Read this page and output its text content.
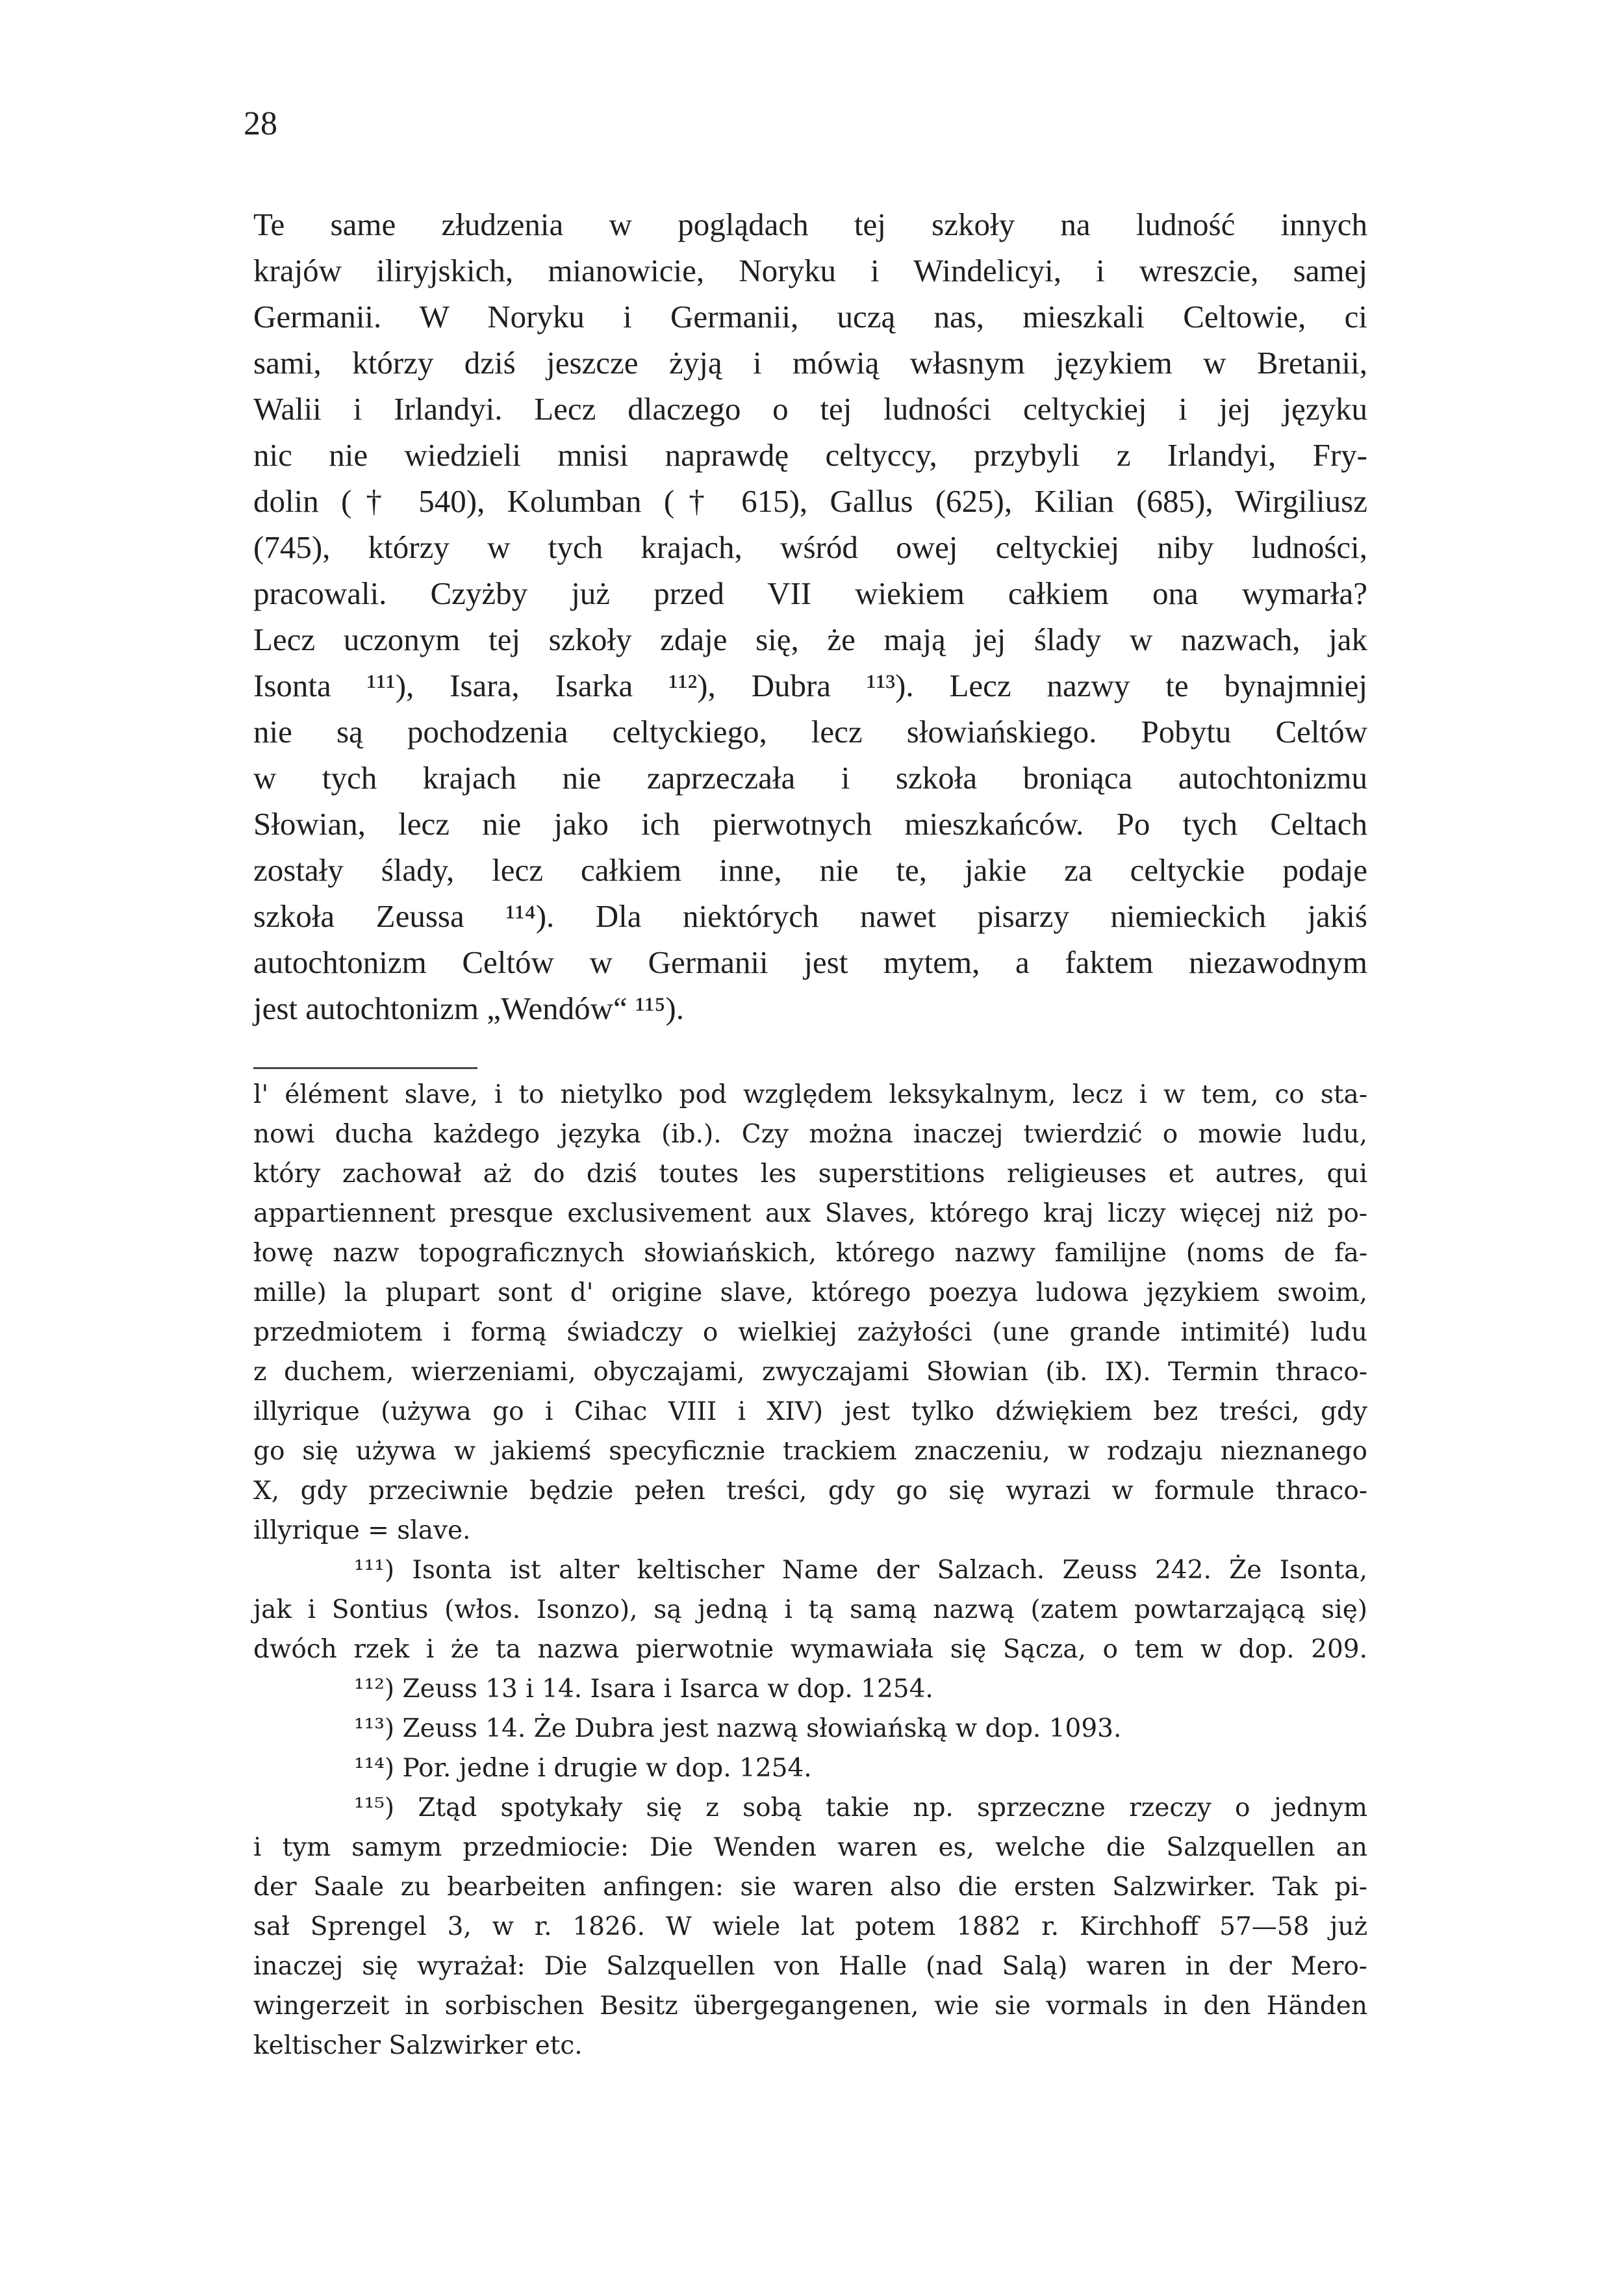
28
Te same złudzenia w poglądach tej szkoły na ludność innych
krajów iliryjskich, mianowicie, Noryku i Windelicyi, i wreszcie, samej
Germanii. W Noryku i Germanii, uczą nas, mieszkali Celtowie, ci
sami, którzy dziś jeszcze żyją i mówią własnym językiem w Bretanii,
Walii i Irlandyi. Lecz dlaczego o tej ludności celtyckiej i jej języku
nic nie wiedzieli mnisi naprawdę celtyccy, przybyli z Irlandyi, Fry-
dolin († 540), Kolumban († 615), Gallus (625), Kilian (685), Wirgiliusz
(745), którzy w tych krajach, wśród owej celtyckiej niby ludności,
pracowali. Czyżby już przed VII wiekiem całkiem ona wymarła?
Lecz uczonym tej szkoły zdaje się, że mają jej ślady w nazwach, jak
Isonta ¹¹¹), Isara, Isarka ¹¹²), Dubra ¹¹³). Lecz nazwy te bynajmniej
nie są pochodzenia celtyckiego, lecz słowiańskiego. Pobytu Celtów
w tych krajach nie zaprzeczała i szkoła broniąca autochtonizmu
Słowian, lecz nie jako ich pierwotnych mieszkańców. Po tych Celtach
zostały ślady, lecz całkiem inne, nie te, jakie za celtyckie podaje
szkoła Zeussa ¹¹⁴). Dla niektórych nawet pisarzy niemieckich jakiś
autochtonizm Celtów w Germanii jest mytem, a faktem niezawodnym
jest autochtonizm „Wendów“ ¹¹⁵).
l' élément slave, i to nietylko pod względem leksykalnym, lecz i w tem, co sta-
nowi ducha każdego języka (ib.). Czy można inaczej twierdzić o mowie ludu,
który zachował aż do dziś toutes les superstitions religieuses et autres, qui
appartiennent presque exclusivement aux Slaves, którego kraj liczy więcej niż po-
łowę nazw topograficznych słowiańskich, którego nazwy familijne (noms de fa-
mille) la plupart sont d' origine slave, którego poezya ludowa językiem swoim,
przedmiotem i formą świadczy o wielkiej zażyłości (une grande intimité) ludu
z duchem, wierzeniami, obyczajami, zwyczajami Słowian (ib. IX). Termin thraco-
illyrique (używa go i Cihac VIII i XIV) jest tylko dźwiękiem bez treści, gdy
go się używa w jakiemś specyficznie trackiem znaczeniu, w rodzaju nieznanego
X, gdy przeciwnie będzie pełen treści, gdy go się wyrazi w formule thraco-
illyrique = slave.
¹¹¹) Isonta ist alter keltischer Name der Salzach. Zeuss 242. Że Isonta,
jak i Sontius (włos. Isonzo), są jedną i tą samą nazwą (zatem powtarzającą się)
dwóch rzek i że ta nazwa pierwotnie wymawiała się Sącza, o tem w dop. 209.
¹¹²) Zeuss 13 i 14. Isara i Isarca w dop. 1254.
¹¹³) Zeuss 14. Że Dubra jest nazwą słowiańską w dop. 1093.
¹¹⁴) Por. jedne i drugie w dop. 1254.
¹¹⁵) Ztąd spotykały się z sobą takie np. sprzeczne rzeczy o jednym
i tym samym przedmiocie: Die Wenden waren es, welche die Salzquellen an
der Saale zu bearbeiten anfingen: sie waren also die ersten Salzwirker. Tak pi-
sał Sprengel 3, w r. 1826. W wiele lat potem 1882 r. Kirchhoff 57—58 już
inaczej się wyrażał: Die Salzquellen von Halle (nad Salą) waren in der Mero-
wingerzeit in sorbischen Besitz übergegangenen, wie sie vormals in den Händen
keltischer Salzwirker etc.
